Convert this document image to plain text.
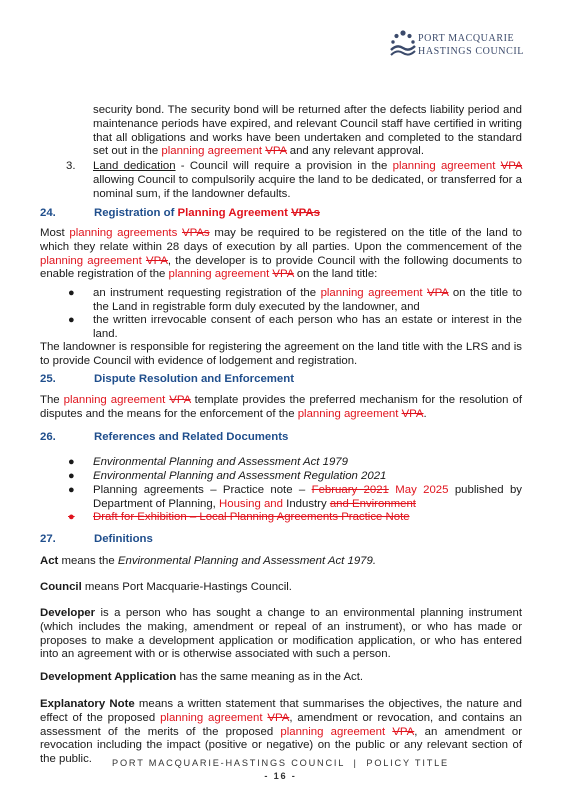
PORT MACQUARIE
HASTINGS COUNCIL
security bond. The security bond will be returned after the defects liability period and maintenance periods have expired, and relevant Council staff have certified in writing that all obligations and works have been undertaken and completed to the standard set out in the planning agreement VPA and any relevant approval.
3. Land dedication - Council will require a provision in the planning agreement VPA allowing Council to compulsorily acquire the land to be dedicated, or transferred for a nominal sum, if the landowner defaults.
24.	Registration of Planning Agreement VPAs
Most planning agreements VPAs may be required to be registered on the title of the land to which they relate within 28 days of execution by all parties. Upon the commencement of the planning agreement VPA, the developer is to provide Council with the following documents to enable registration of the planning agreement VPA on the land title:
● an instrument requesting registration of the planning agreement VPA on the title to the Land in registrable form duly executed by the landowner, and
● the written irrevocable consent of each person who has an estate or interest in the land.
The landowner is responsible for registering the agreement on the land title with the LRS and is to provide Council with evidence of lodgement and registration.
25.	Dispute Resolution and Enforcement
The planning agreement VPA template provides the preferred mechanism for the resolution of disputes and the means for the enforcement of the planning agreement VPA.
26.	References and Related Documents
● Environmental Planning and Assessment Act 1979
● Environmental Planning and Assessment Regulation 2021
● Planning agreements – Practice note – February 2021 May 2025 published by Department of Planning, Housing and Industry and Environment
● Draft for Exhibition – Local Planning Agreements Practice Note
27.	Definitions
Act means the Environmental Planning and Assessment Act 1979.
Council means Port Macquarie-Hastings Council.
Developer is a person who has sought a change to an environmental planning instrument (which includes the making, amendment or repeal of an instrument), or who has made or proposes to make a development application or modification application, or who has entered into an agreement with or is otherwise associated with such a person.
Development Application has the same meaning as in the Act.
Explanatory Note means a written statement that summarises the objectives, the nature and effect of the proposed planning agreement VPA, amendment or revocation, and contains an assessment of the merits of the proposed planning agreement VPA, an amendment or revocation including the impact (positive or negative) on the public or any relevant section of the public.	PORT MACQUARIE-HASTINGS COUNCIL  |  POLICY TITLE
- 16 -
